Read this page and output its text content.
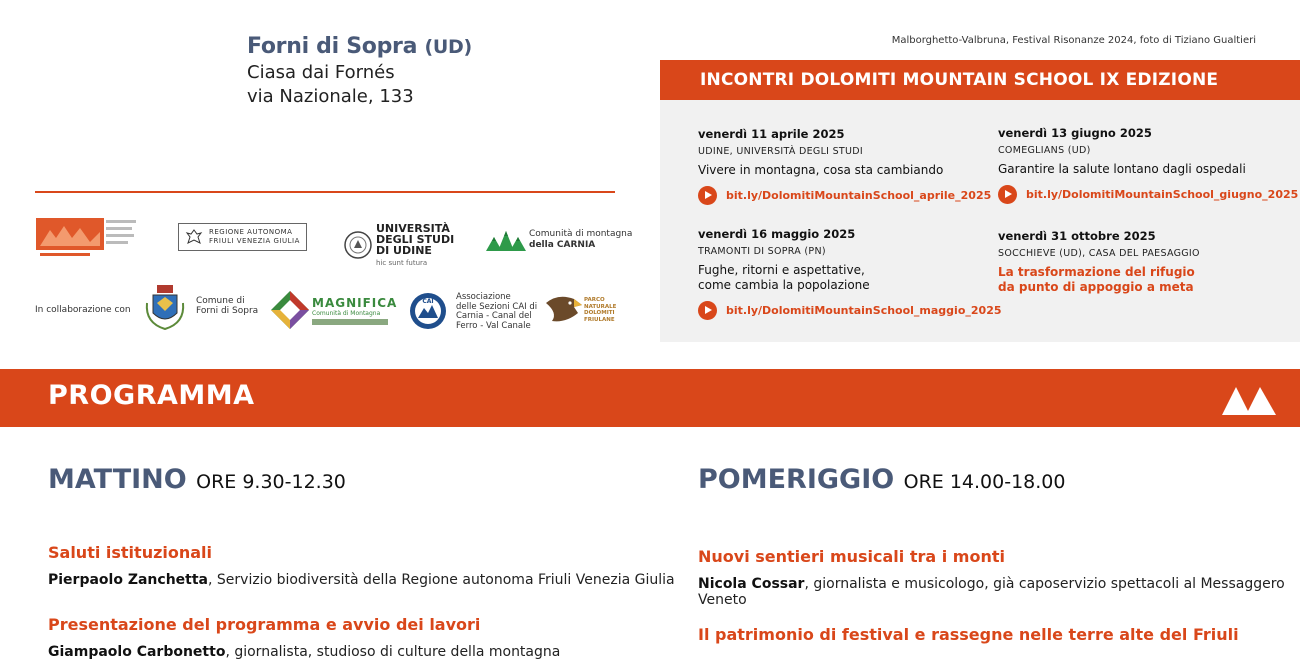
Forni di Sopra (UD)
Ciasa dai Fornés
via Nazionale, 133
REGIONE AUTONOMA
FRIULI VENEZIA GIULIA
UNIVERSITÀ
DEGLI STUDI
DI UDINE
hic sunt futura
Comunità di montagna
della CARNIA
In collaborazione con
Comune di
Forni di Sopra
MAGNIFICA
Comunità di Montagna
CAI	Associazione
delle Sezioni CAI di
Carnia - Canal del
Ferro - Val Canale
PARCO
NATURALE
DOLOMITI
FRIULANE
Malborghetto-Valbruna, Festival Risonanze 2024, foto di Tiziano Gualtieri
INCONTRI DOLOMITI MOUNTAIN SCHOOL IX EDIZIONE
venerdì 11 aprile 2025
UDINE, UNIVERSITÀ DEGLI STUDI
Vivere in montagna, cosa sta cambiando
bit.ly/DolomitiMountainSchool_aprile_2025
venerdì 13 giugno 2025
COMEGLIANS (UD)
Garantire la salute lontano dagli ospedali
bit.ly/DolomitiMountainSchool_giugno_2025
venerdì 16 maggio 2025
TRAMONTI DI SOPRA (PN)
Fughe, ritorni e aspettative,
come cambia la popolazione
bit.ly/DolomitiMountainSchool_maggio_2025
venerdì 31 ottobre 2025
SOCCHIEVE (UD), CASA DEL PAESAGGIO
La trasformazione del rifugio
da punto di appoggio a meta
PROGRAMMA
MATTINO ORE 9.30-12.30
Saluti istituzionali
Pierpaolo Zanchetta, Servizio biodiversità della Regione autonoma Friuli Venezia Giulia
Presentazione del programma e avvio dei lavori
Giampaolo Carbonetto, giornalista, studioso di culture della montagna
POMERIGGIO ORE 14.00-18.00
Nuovi sentieri musicali tra i monti
Nicola Cossar, giornalista e musicologo, già caposervizio spettacoli al Messaggero Veneto
Il patrimonio di festival e rassegne nelle terre alte del Friuli
